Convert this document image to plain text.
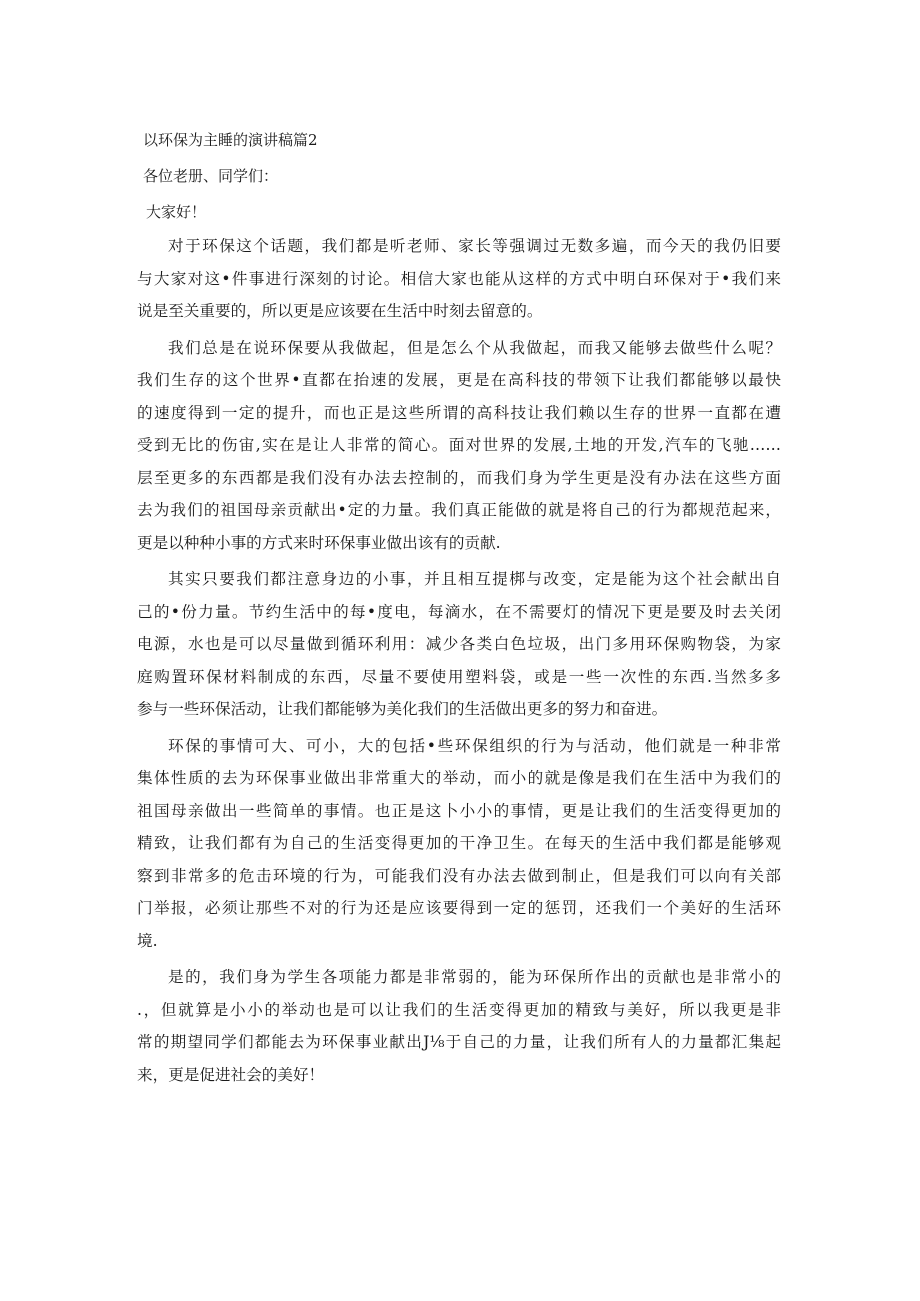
以环保为主睡的演讲稿篇2

各位老册、同学们：

大家好！

对于环保这个话题，我们都是听老师、家长等强调过无数多遍，而今天的我仍旧要
与大家对这•件事进行深刻的讨论。相信大家也能从这样的方式中明白环保对于•我们来
说是至关重要的，所以更是应该要在生活中时刻去留意的。

我们总是在说环保要从我做起，但是怎么个从我做起，而我又能够去做些什么呢？
我们生存的这个世界•直都在抬速的发展，更是在高科技的带领下让我们都能够以最快
的速度得到一定的提升，而也正是这些所谓的高科技让我们赖以生存的世界一直都在遭
受到无比的伤宙,实在是让人非常的简心。面对世界的发展,土地的开发,汽车的飞驰……
层至更多的东西都是我们没有办法去控制的，而我们身为学生更是没有办法在这些方面
去为我们的祖国母亲贡献出•定的力量。我们真正能做的就是将自己的行为都规范起来，
更是以种种小事的方式来时环保事业做出该有的贡献.

其实只要我们都注意身边的小事，并且相互提梆与改变，定是能为这个社会献出自
己的•份力量。节约生活中的每•度电，每滴水，在不需要灯的情况下更是要及时去关闭
电源，水也是可以尽量做到循环利用：减少各类白色垃圾，出门多用环保购物袋，为家
庭购置环保材料制成的东西，尽量不要使用塑料袋，或是一些一次性的东西.当然多多
参与一些环保活动，让我们都能够为美化我们的生活做出更多的努力和奋进。

环保的事情可大、可小，大的包括•些环保组织的行为与活动，他们就是一种非常
集体性质的去为环保事业做出非常重大的举动，而小的就是像是我们在生活中为我们的
祖国母亲做出一些简单的事情。也正是这卜小小的事情，更是让我们的生活变得更加的
精致，让我们都有为自己的生活变得更加的干净卫生。在每天的生活中我们都是能够观
察到非常多的危击环境的行为，可能我们没有办法去做到制止，但是我们可以向有关部
门举报，必须让那些不对的行为还是应该要得到一定的惩罚，还我们一个美好的生活环
境.

是的，我们身为学生各项能力都是非常弱的，能为环保所作出的贡献也是非常小的
.，但就算是小小的举动也是可以让我们的生活变得更加的精致与美好，所以我更是非
常的期望同学们都能去为环保事业献出J⅛于自己的力量，让我们所有人的力量都汇集起
来，更是促进社会的美好！
